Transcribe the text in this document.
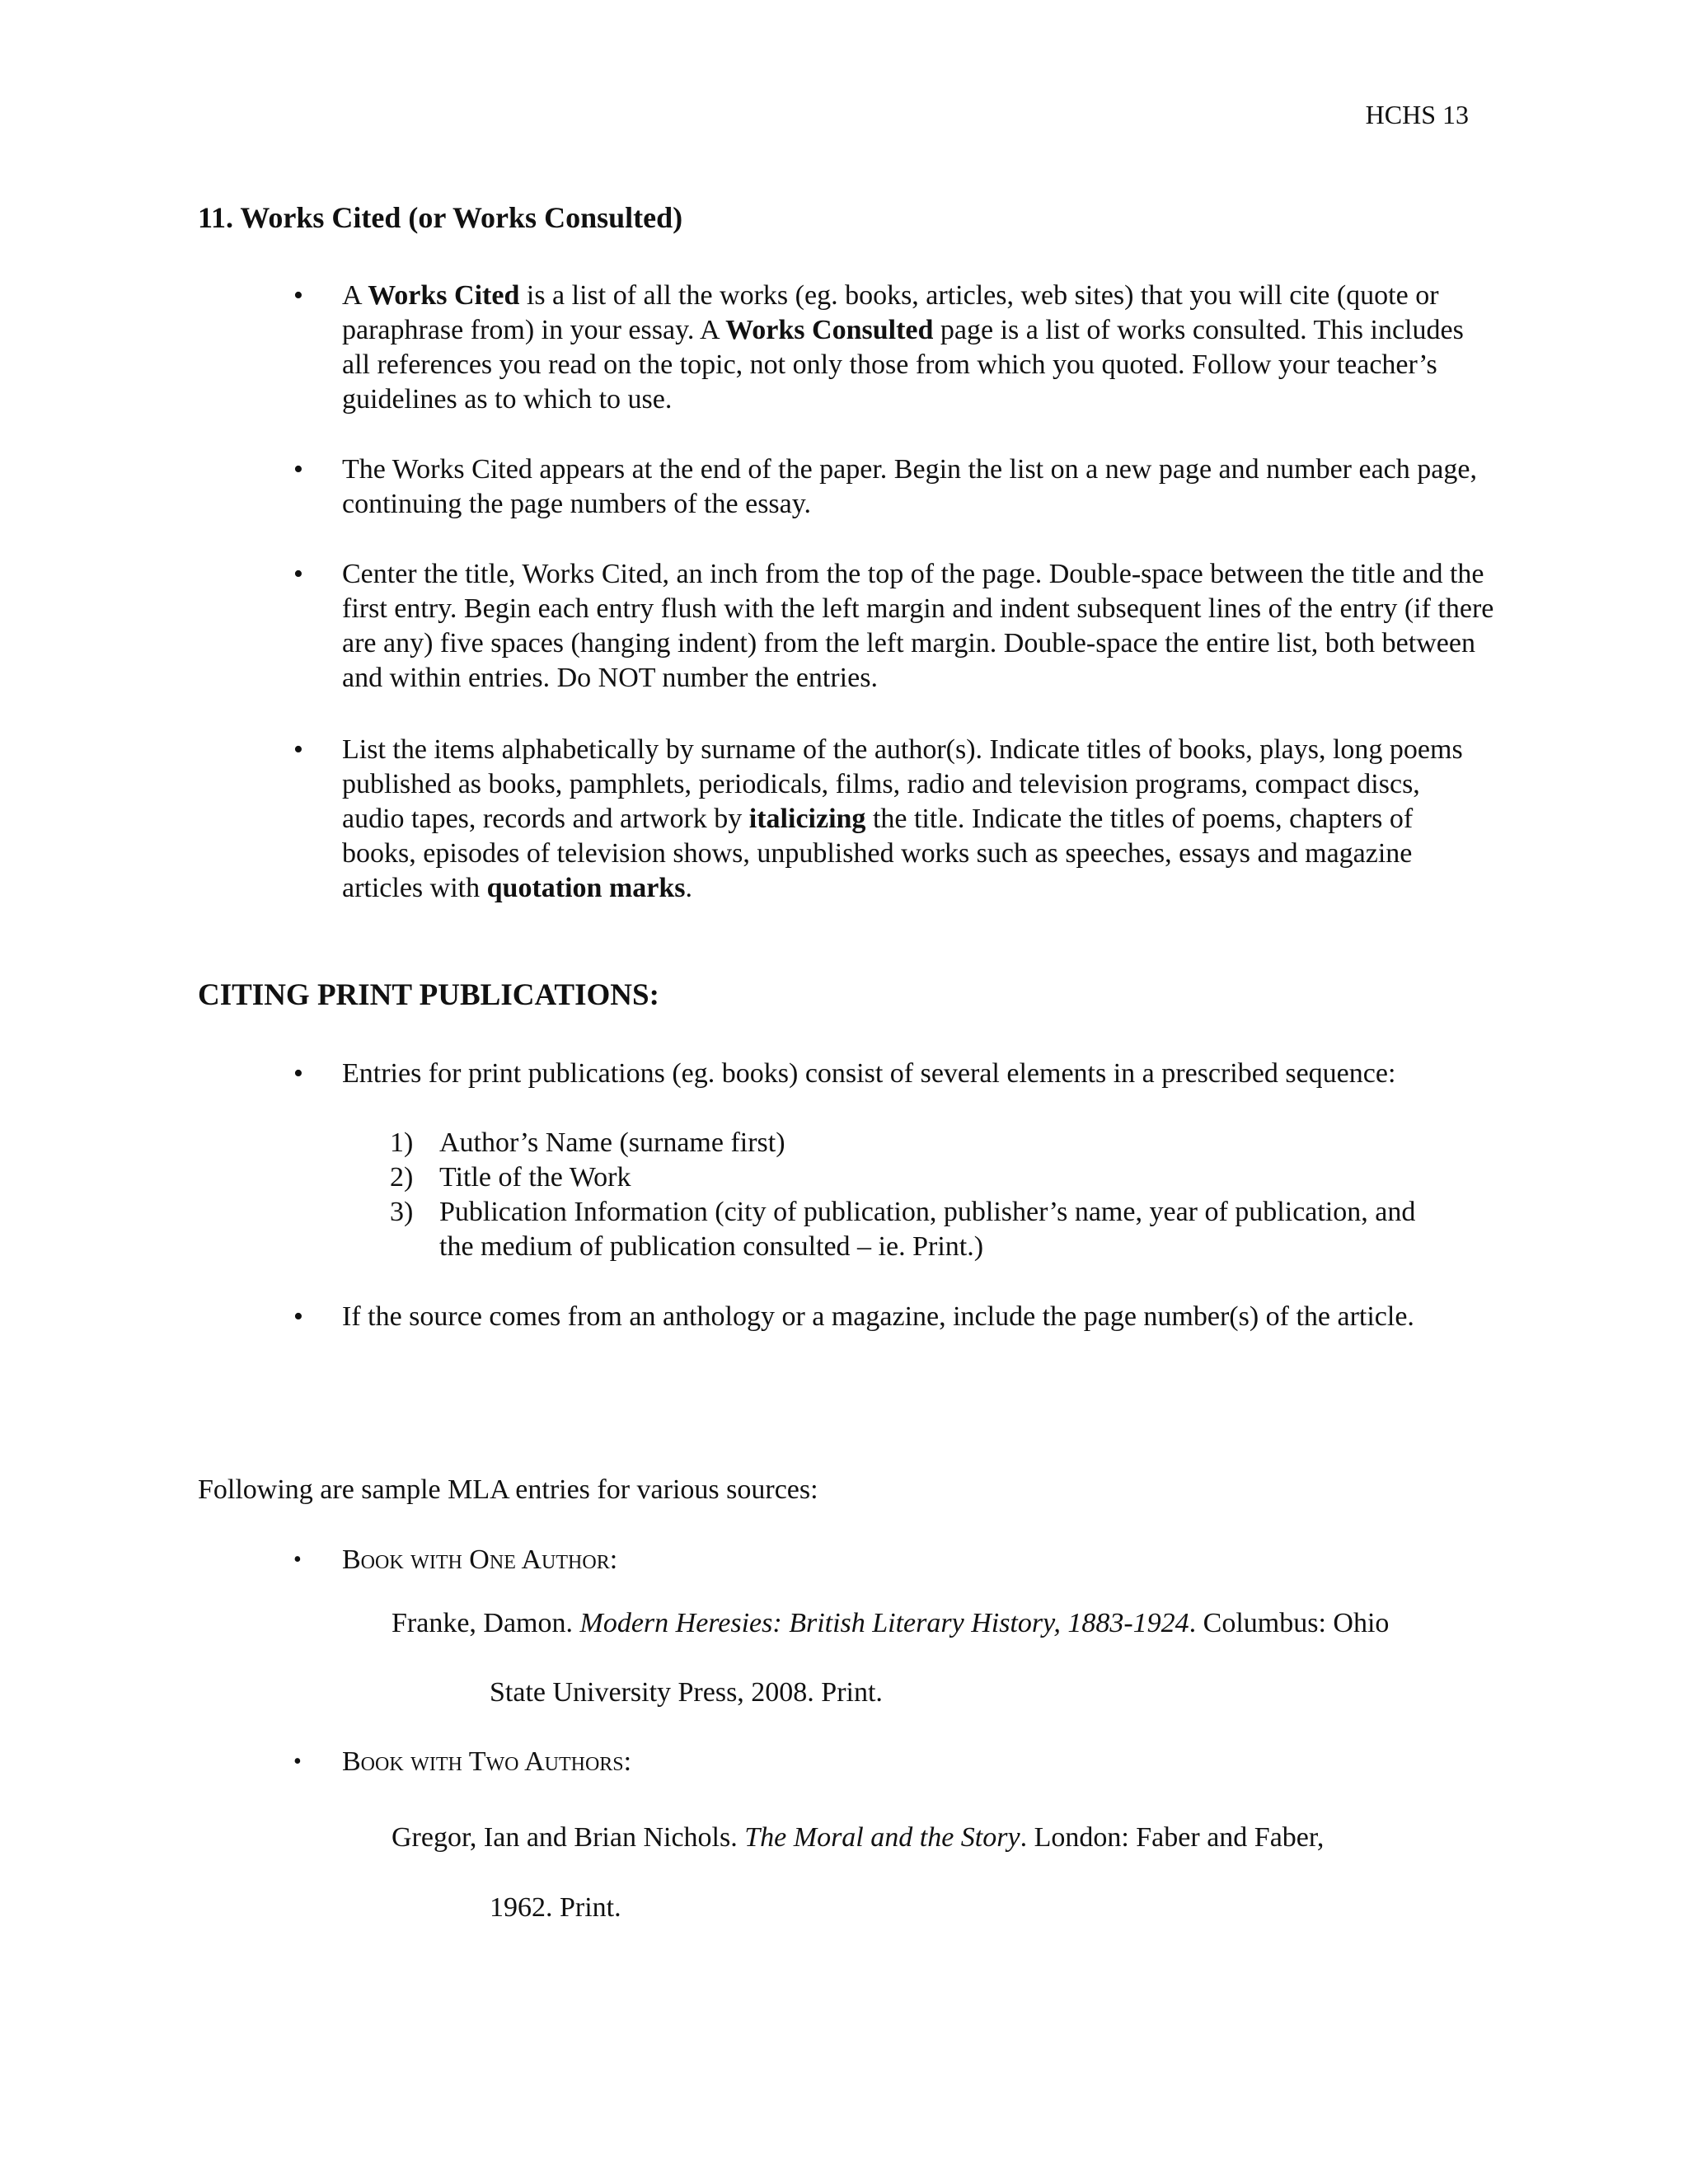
HCHS 13
11. Works Cited (or Works Consulted)
• A Works Cited is a list of all the works (eg. books, articles, web sites) that you will cite (quote or paraphrase from) in your essay. A Works Consulted page is a list of works consulted. This includes all references you read on the topic, not only those from which you quoted. Follow your teacher’s guidelines as to which to use.
• The Works Cited appears at the end of the paper. Begin the list on a new page and number each page, continuing the page numbers of the essay.
• Center the title, Works Cited, an inch from the top of the page. Double-space between the title and the first entry. Begin each entry flush with the left margin and indent subsequent lines of the entry (if there are any) five spaces (hanging indent) from the left margin. Double-space the entire list, both between and within entries. Do NOT number the entries.
• List the items alphabetically by surname of the author(s). Indicate titles of books, plays, long poems published as books, pamphlets, periodicals, films, radio and television programs, compact discs, audio tapes, records and artwork by italicizing the title. Indicate the titles of poems, chapters of books, episodes of television shows, unpublished works such as speeches, essays and magazine articles with quotation marks.
CITING PRINT PUBLICATIONS:
• Entries for print publications (eg. books) consist of several elements in a prescribed sequence:
1) Author’s Name (surname first)
2) Title of the Work
3) Publication Information (city of publication, publisher’s name, year of publication, and the medium of publication consulted – ie. Print.)
• If the source comes from an anthology or a magazine, include the page number(s) of the article.
Following are sample MLA entries for various sources:
• Book with One Author:
Franke, Damon. Modern Heresies: British Literary History, 1883-1924. Columbus: Ohio
State University Press, 2008. Print.
• Book with Two Authors:
Gregor, Ian and Brian Nichols. The Moral and the Story. London: Faber and Faber,
1962. Print.
